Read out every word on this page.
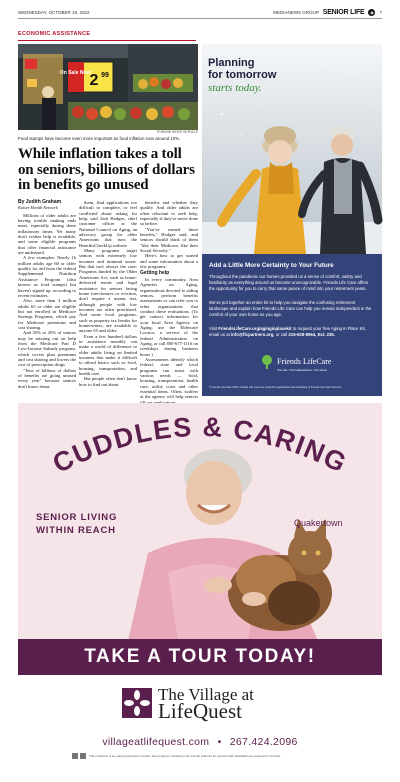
WEDNESDAY, OCTOBER 19, 2022	MEDIANEWS GROUP SENIOR LIFE	◉	7
ECONOMIC ASSISTANCE
On Sale Now!
2 99
TRIBUNE NEWS SERVICE
Food stamps have become even more important as food inflation runs around 10%.
While inflation takes a toll on seniors, billions of dollars in benefits go unused

By Judith Graham

Kaiser Health Network

Millions of older adults are having trouble making ends meet, especially during these inflationary times. Yet many don't realize help is available, and some eligible programs that offer financial assistance are underused.

A few examples: Nearly 16 million adults age 60 or older qualify for aid from the federal Supplemental Nutrition Assistance Program (also known as food stamps) but haven't signed up, according to recent estimates.

Also, more than 3 million adults 65 or older are eligible but not enrolled in Medicare Savings Programs, which pay for Medicare premiums and cost sharing.

And 35% to 45% of seniors may be missing out on help from the Medicare Part D Low-Income Subsidy program, which covers plan premiums and cost sharing and lowers the cost of prescription drugs.

"Tens of billions of dollars of benefits are going unused every year" because seniors don't know about

them, find applications too difficult to complete, or feel conflicted about asking for help, said Josh Hodges, chief customer officer at the National Council on Aging, an advocacy group for older Americans that runs the BenefitsCheckUp website.

Many programs target seniors with extremely low incomes and minimal assets. But that isn't always the case: Programs funded by the Older Americans Act, such as home-delivered meals and legal assistance for seniors facing home foreclosures or eviction, don't require a means test, although people with low incomes are often prioritized. And some local programs, such as property tax breaks for homeowners, are available to anyone 65 and older.

Even a few hundred dollars in assistance monthly can make a world of difference to older adults living on limited incomes that make it difficult to afford basics such as food, housing, transportation, and health care.

But people often don't know how to find out about

benefits and whether they qualify. And older adults are often reluctant to seek help, especially if they've never done so before.

"You've earned these benefits," Hodges said, and seniors should think of them "like their Medicare, like their Social Security."

Here's how to get started and some information about a few programs.

Getting help

In every community, Area Agencies on Aging, organizations devoted to aiding seniors, perform benefits assessments or can refer you to other organizations that conduct these evaluations. (To get contact information for your local Area Agency on Aging, use the Eldercare Locator, a service of the federal Administration on Aging, or call 800-677-1116 on weekdays during business hours.)

Assessments identify which federal, state and local programs can assist with various needs — food, housing, transportation, health care, utility costs and other essential items. Often, staffers at the agency will help seniors

Planning
for tomorrow
starts today.
Add a Little More Certainty to Your Future
Throughout the pandemic our homes provided us a sense of comfort, safety and familiarity as everything around us became unrecognizable. Friends Life Care offers the opportunity for you to carry that same peace of mind into your retirement years.
We've put together an entire kit to help you navigate the confusing retirement landscape and explain how Friends Life Care can help you remain independent in the comfort of your own home as you age.
Visit FriendsLifeCare.org/aginginplacekit to request your free Aging in Place Kit, email us at info@flcpartners.org, or call 215-628-8964, Ext. 235.
Friends LifeCare
Your Life • Your Independence • Your Home
© Friends Life Care 2022. Friends Life Care is a nonprofit organization and subsidiary of Friends Life Care Partners.
CUDDLES & CARING
SENIOR LIVING
WITHIN REACH
Quakertown
TAKE A TOUR TODAY!
The Village at
LifeQuest
villageatlifequest.com • 267.424.2096
This institution is an equal opportunity provider and employer. Dwelling units include features for persons with disabilities as required by the FHA.
